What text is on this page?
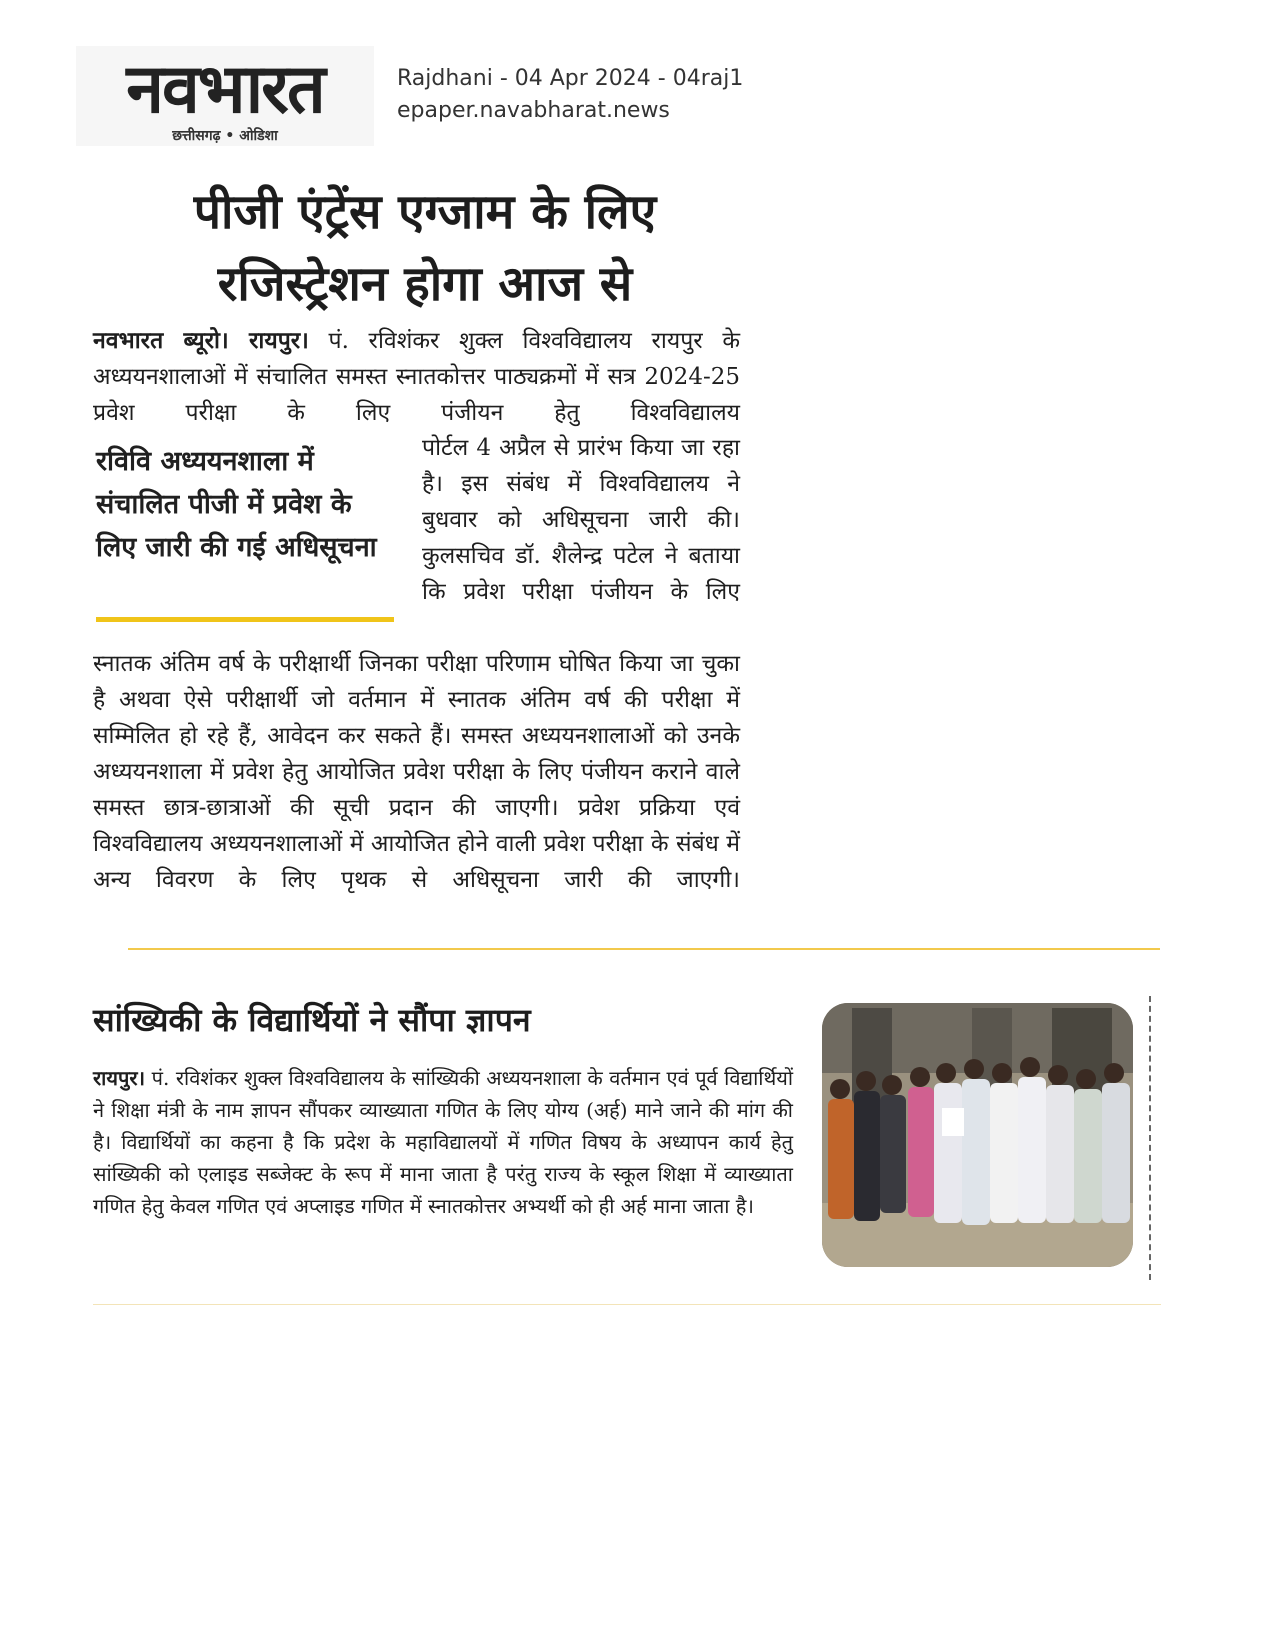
नवभारत
छत्तीसगढ़ • ओडिशा
Rajdhani - 04 Apr 2024 - 04raj1
epaper.navabharat.news
पीजी एंट्रेंस एग्जाम के लिए
रजिस्ट्रेशन होगा आज से

नवभारत ब्यूरो। रायपुर। पं. रविशंकर शुक्ल विश्वविद्यालय रायपुर के अध्ययनशालाओं में संचालित समस्त स्नातकोत्तर पाठ्यक्रमों में सत्र 2024-25 प्रवेश परीक्षा के लिए पंजीयन हेतु विश्वविद्यालय

रविवि अध्ययनशाला में संचालित पीजी में प्रवेश के लिए जारी की गई अधिसूचना

पोर्टल 4 अप्रैल से प्रारंभ किया जा रहा है। इस संबंध में विश्वविद्यालय ने बुधवार को अधिसूचना जारी की। कुलसचिव डॉ. शैलेन्द्र पटेल ने बताया कि प्रवेश परीक्षा पंजीयन के लिए

स्नातक अंतिम वर्ष के परीक्षार्थी जिनका परीक्षा परिणाम घोषित किया जा चुका है अथवा ऐसे परीक्षार्थी जो वर्तमान में स्नातक अंतिम वर्ष की परीक्षा में सम्मिलित हो रहे हैं, आवेदन कर सकते हैं। समस्त अध्ययनशालाओं को उनके अध्ययनशाला में प्रवेश हेतु आयोजित प्रवेश परीक्षा के लिए पंजीयन कराने वाले समस्त छात्र-छात्राओं की सूची प्रदान की जाएगी। प्रवेश प्रक्रिया एवं विश्वविद्यालय अध्ययनशालाओं में आयोजित होने वाली प्रवेश परीक्षा के संबंध में अन्य विवरण के लिए पृथक से अधिसूचना जारी की जाएगी।

सांख्यिकी के विद्यार्थियों ने सौंपा ज्ञापन

रायपुर। पं. रविशंकर शुक्ल विश्वविद्यालय के सांख्यिकी अध्ययनशाला के वर्तमान एवं पूर्व विद्यार्थियों ने शिक्षा मंत्री के नाम ज्ञापन सौंपकर व्याख्याता गणित के लिए योग्य (अर्ह) माने जाने की मांग की है। विद्यार्थियों का कहना है कि प्रदेश के महाविद्यालयों में गणित विषय के अध्यापन कार्य हेतु सांख्यिकी को एलाइड सब्जेक्ट के रूप में माना जाता है परंतु राज्य के स्कूल शिक्षा में व्याख्याता गणित हेतु केवल गणित एवं अप्लाइड गणित में स्नातकोत्तर अभ्यर्थी को ही अर्ह माना जाता है।
